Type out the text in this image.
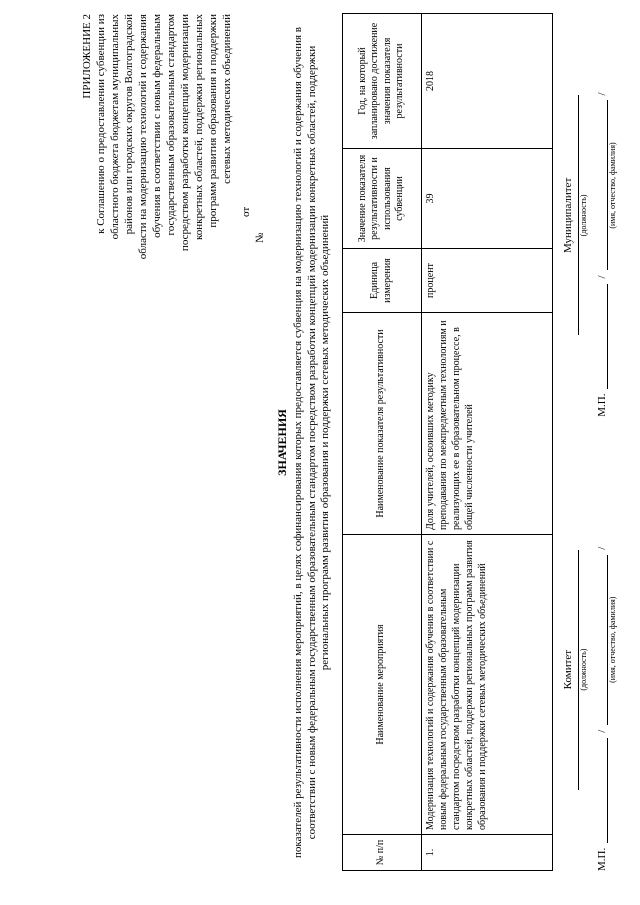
ПРИЛОЖЕНИЕ 2 к Соглашению о предоставлении субвенции из областного бюджета бюджетам муниципальных районов или городских округов Волгоградской области на модернизацию технологий и содержания обучения в соответствии с новым федеральным государственным образовательным стандартом посредством разработки концепций модернизации конкретных областей, поддержки региональных программ развития образования и поддержки сетевых методических объединений
от
№
ЗНАЧЕНИЯ показателей результативности исполнения мероприятий, в целях софинансирования которых предоставляется субвенция на модернизацию технологий и содержания обучения в соответствии с новым федеральным государственным образовательным стандартом посредством разработки концепций модернизации конкретных областей, поддержки региональных программ развития образования и поддержки сетевых методических объединений
№ п/п	Наименование мероприятия	Наименование показателя результативности	Единица измерения	Значение показателя результативности и использования субвенции	Год, на который запланировано достижение значения показателя результативности
1.	Модернизация технологий и содержания обучения в соответствии с новым федеральным государственным образовательным стандартом посредством разработки концепций модернизации конкретных областей, поддержки региональных программ развития образования и поддержки сетевых методических объединений	Доля учителей, освоивших методику преподавания по межпредметным технологиям и реализующих ее в образовательном процессе, в общей численности учителей	процент	39	2018
Комитет (должность)
М.П.
/
(имя, отчество, фамилия)
/
Муниципалитет (должность)
М.П.
/
(имя, отчество, фамилия)
/
